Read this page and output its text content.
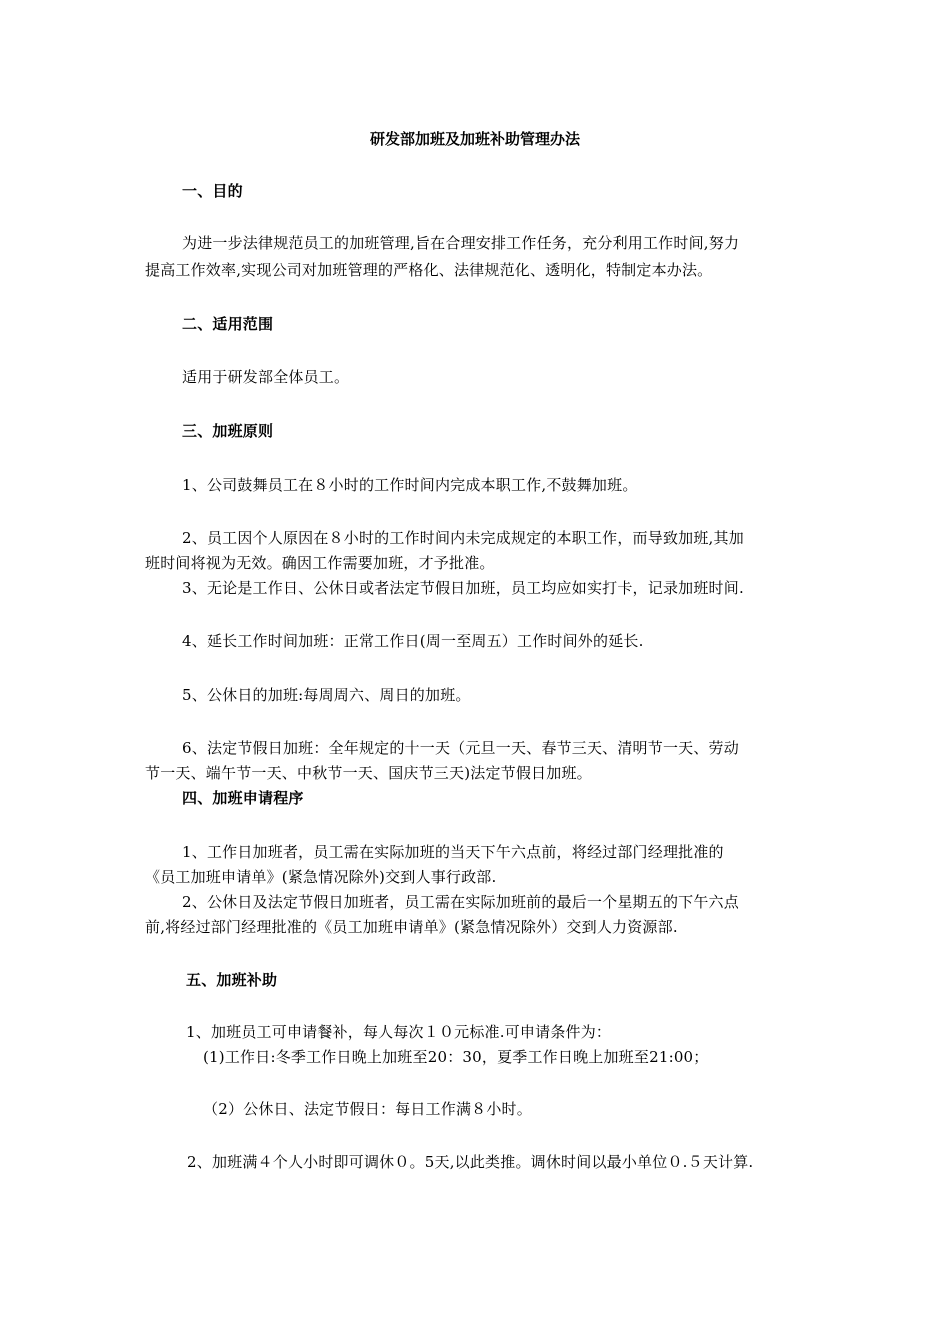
研发部加班及加班补助管理办法
一、目的
为进一步法律规范员工的加班管理,旨在合理安排工作任务，充分利用工作时间,努力
提高工作效率,实现公司对加班管理的严格化、法律规范化、透明化，特制定本办法。
二、适用范围
适用于研发部全体员工。
三、加班原则
1、公司鼓舞员工在８小时的工作时间内完成本职工作,不鼓舞加班。
2、员工因个人原因在８小时的工作时间内未完成规定的本职工作，而导致加班,其加
班时间将视为无效。确因工作需要加班，才予批准。
3、无论是工作日、公休日或者法定节假日加班，员工均应如实打卡，记录加班时间.
4、延长工作时间加班：正常工作日(周一至周五）工作时间外的延长.
5、公休日的加班:每周周六、周日的加班。
6、法定节假日加班：全年规定的十一天（元旦一天、春节三天、清明节一天、劳动
节一天、端午节一天、中秋节一天、国庆节三天)法定节假日加班。
四、加班申请程序
1、工作日加班者，员工需在实际加班的当天下午六点前，将经过部门经理批准的
《员工加班申请单》(紧急情况除外)交到人事行政部.
2、公休日及法定节假日加班者，员工需在实际加班前的最后一个星期五的下午六点
前,将经过部门经理批准的《员工加班申请单》(紧急情况除外）交到人力资源部.
五、加班补助
1、加班员工可申请餐补，每人每次１０元标准.可申请条件为：
(1)工作日:冬季工作日晚上加班至20：30，夏季工作日晚上加班至21:00；
（2）公休日、法定节假日：每日工作满８小时。
2、加班满４个人小时即可调休０。5天,以此类推。调休时间以最小单位０.５天计算.
